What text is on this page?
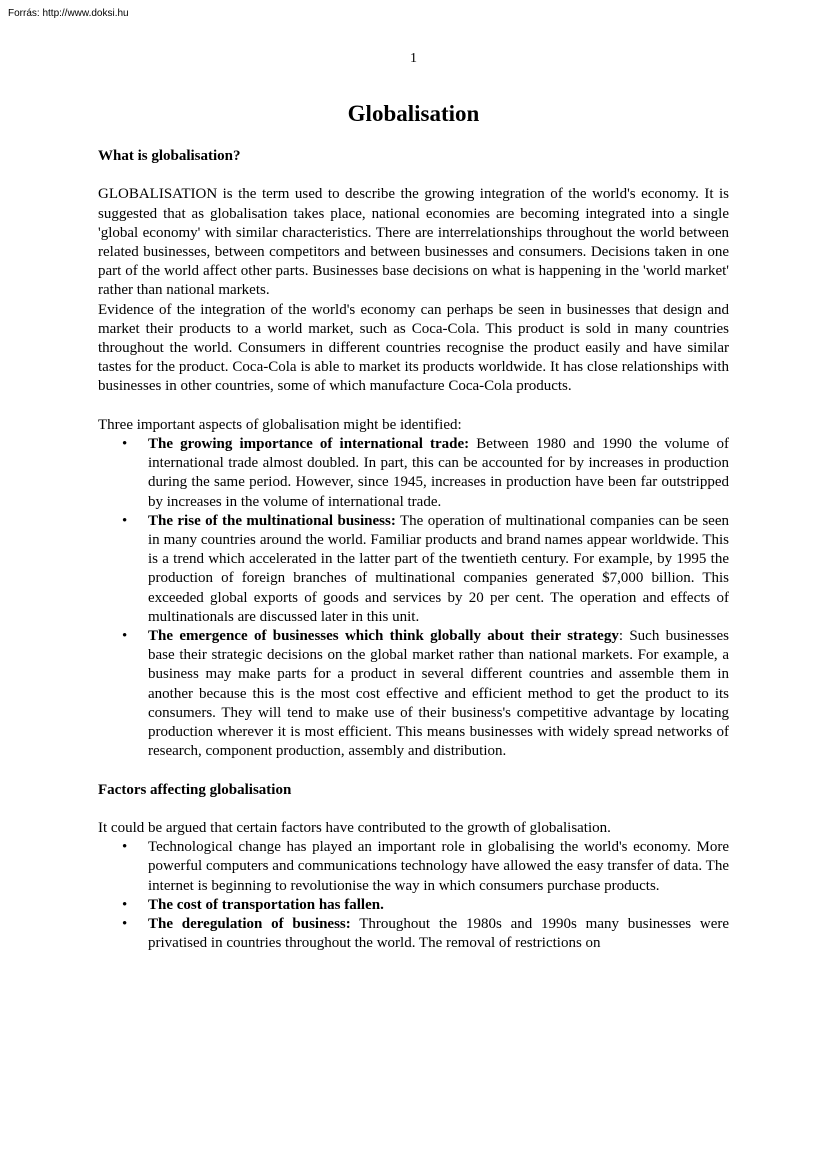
Forrás: http://www.doksi.hu
1
Globalisation
What is globalisation?

GLOBALISATION is the term used to describe the growing integration of the world's economy. It is suggested that as globalisation takes place, national economies are becoming integrated into a single 'global economy' with similar characteristics. There are interrelationships throughout the world between related businesses, between competitors and between businesses and consumers. Decisions taken in one part of the world affect other parts. Businesses base decisions on what is happening in the 'world market' rather than national markets.

Evidence of the integration of the world's economy can perhaps be seen in businesses that design and market their products to a world market, such as Coca-Cola. This product is sold in many countries throughout the world. Consumers in different countries recognise the product easily and have similar tastes for the product. Coca-Cola is able to market its products worldwide. It has close relationships with businesses in other countries, some of which manufacture Coca-Cola products.

Three important aspects of globalisation might be identified:

• The growing importance of international trade: Between 1980 and 1990 the volume of international trade almost doubled. In part, this can be accounted for by increases in production during the same period. However, since 1945, increases in production have been far outstripped by increases in the volume of international trade.
• The rise of the multinational business: The operation of multinational companies can be seen in many countries around the world. Familiar products and brand names appear worldwide. This is a trend which accelerated in the latter part of the twentieth century. For example, by 1995 the production of foreign branches of multinational companies generated $7,000 billion. This exceeded global exports of goods and services by 20 per cent. The operation and effects of multinationals are discussed later in this unit.
• The emergence of businesses which think globally about their strategy: Such businesses base their strategic decisions on the global market rather than national markets. For example, a business may make parts for a product in several different countries and assemble them in another because this is the most cost effective and efficient method to get the product to its consumers. They will tend to make use of their business's competitive advantage by locating production wherever it is most efficient. This means businesses with widely spread networks of research, component production, assembly and distribution.
Factors affecting globalisation

It could be argued that certain factors have contributed to the growth of globalisation.

• Technological change has played an important role in globalising the world's economy. More powerful computers and communications technology have allowed the easy transfer of data. The internet is beginning to revolutionise the way in which consumers purchase products.
• The cost of transportation has fallen.
• The deregulation of business: Throughout the 1980s and 1990s many businesses were privatised in countries throughout the world. The removal of restrictions on
